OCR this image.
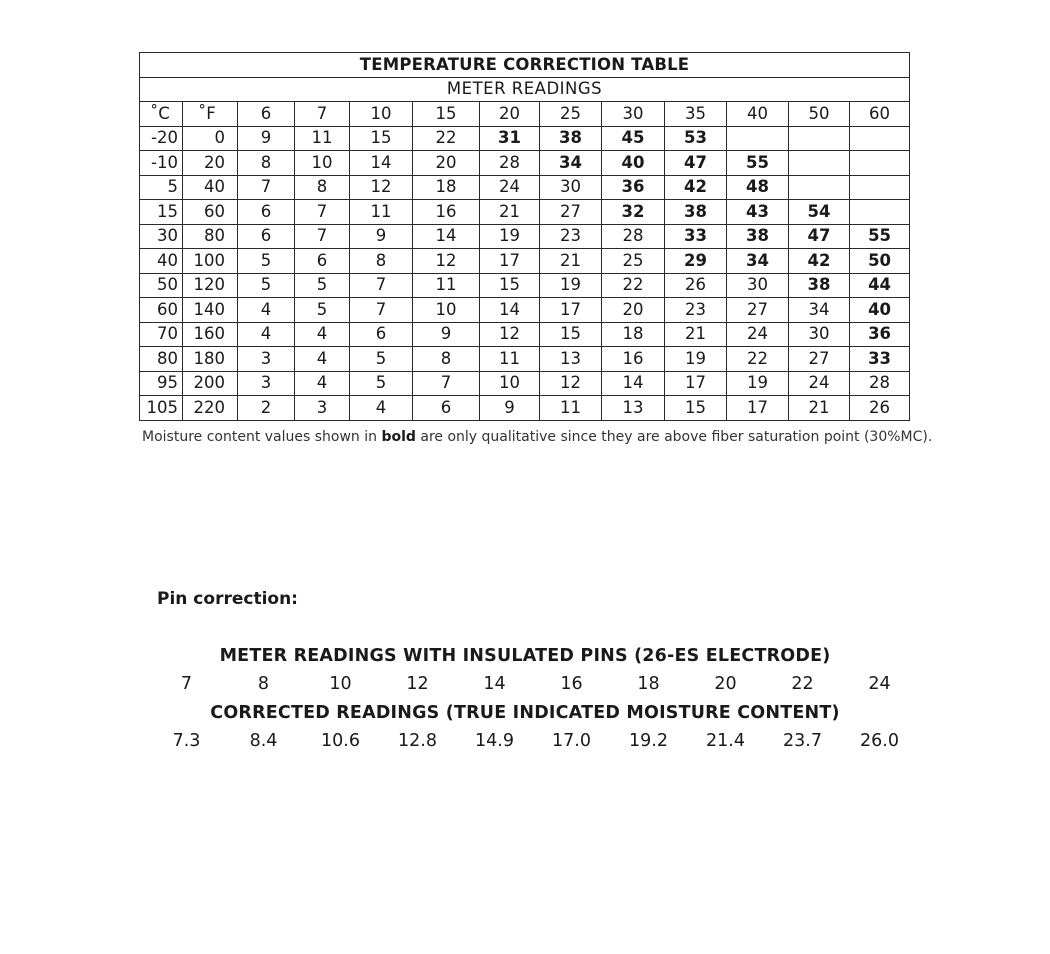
TEMPERATURE CORRECTION TABLE												
METER READINGS												
˚C	˚F	6	7	10	15	20	25	30	35	40	50	60
-20	0	9	11	15	22	31	38	45	53			
-10	20	8	10	14	20	28	34	40	47	55		
5	40	7	8	12	18	24	30	36	42	48		
15	60	6	7	11	16	21	27	32	38	43	54	
30	80	6	7	9	14	19	23	28	33	38	47	55
40	100	5	6	8	12	17	21	25	29	34	42	50
50	120	5	5	7	11	15	19	22	26	30	38	44
60	140	4	5	7	10	14	17	20	23	27	34	40
70	160	4	4	6	9	12	15	18	21	24	30	36
80	180	3	4	5	8	11	13	16	19	22	27	33
95	200	3	4	5	7	10	12	14	17	19	24	28
105	220	2	3	4	6	9	11	13	15	17	21	26

Moisture content values shown in bold are only qualitative since they are above fiber saturation point (30%MC).

Pin correction:

METER READINGS WITH INSULATED PINS (26-ES ELECTRODE)

7	8	10	12	14	16	18	20	22	24

CORRECTED READINGS (TRUE INDICATED MOISTURE CONTENT)

7.3	8.4	10.6	12.8	14.9	17.0	19.2	21.4	23.7	26.0
